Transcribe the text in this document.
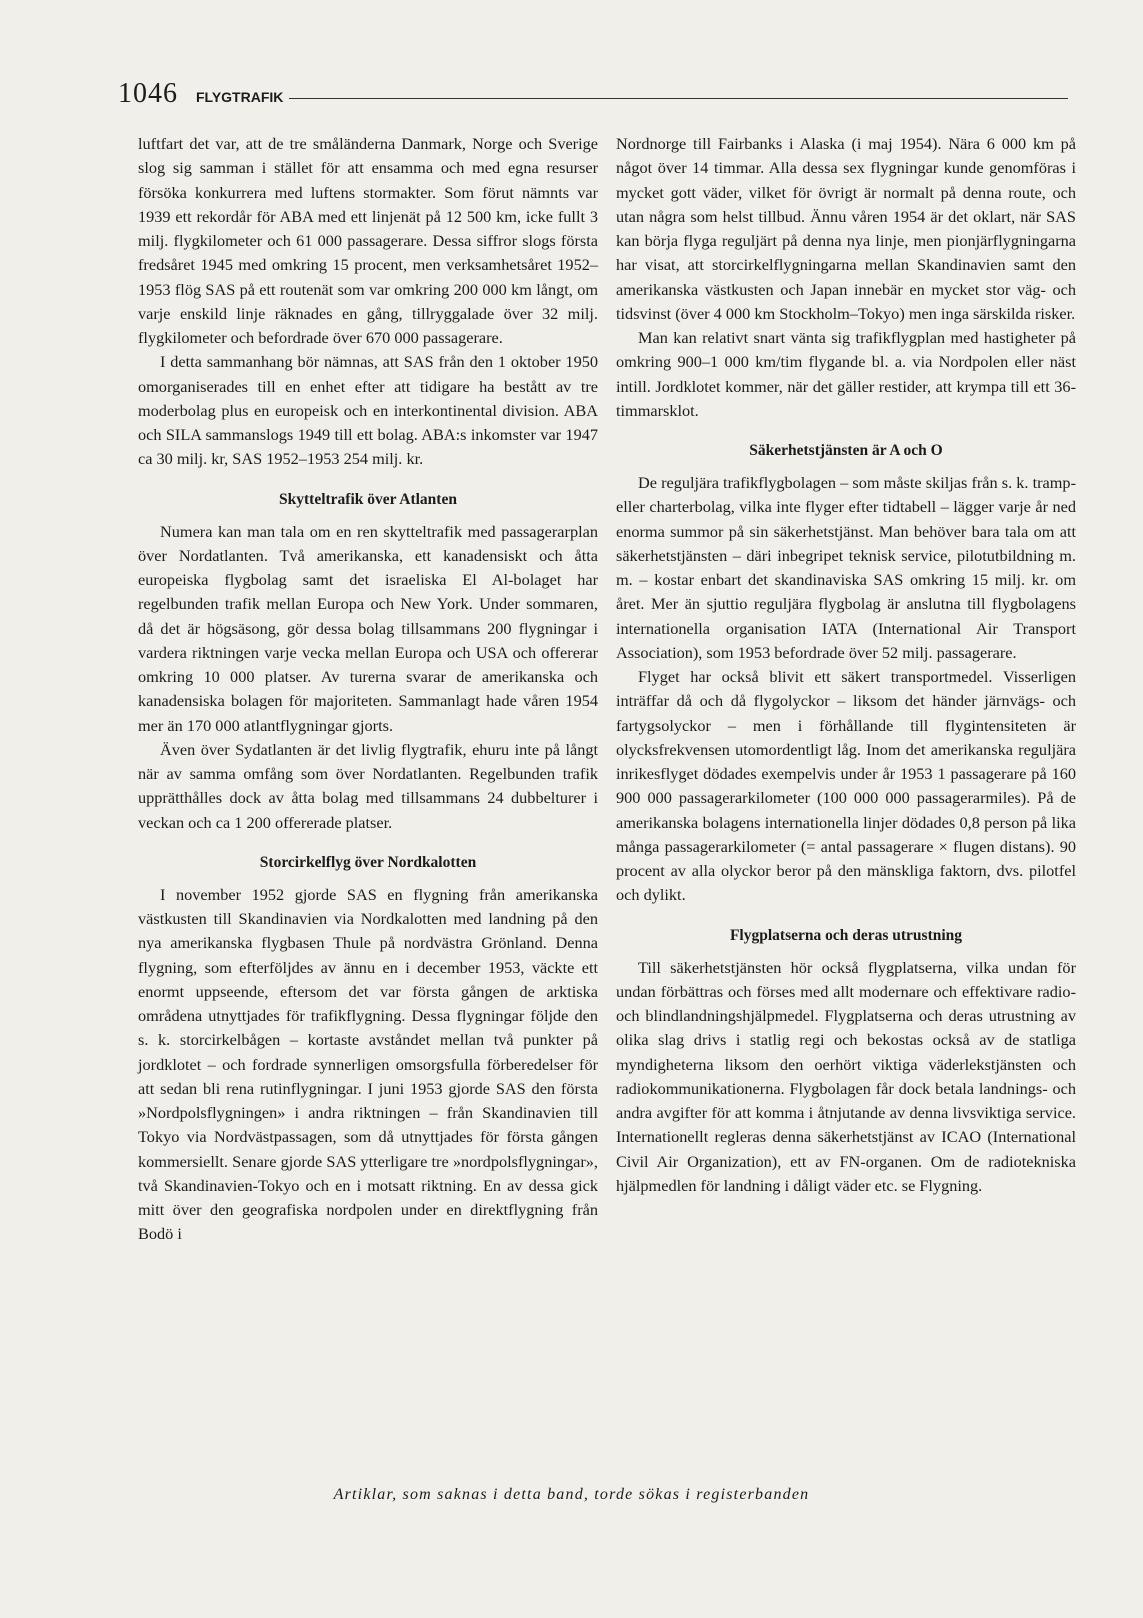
1046 FLYGTRAFIK

luftfart det var, att de tre småländerna Danmark, Norge och Sverige slog sig samman i stället för att ensamma och med egna resurser försöka konkurrera med luftens stormakter. Som förut nämnts var 1939 ett rekordår för ABA med ett linjenät på 12 500 km, icke fullt 3 milj. flygkilometer och 61 000 passagerare. Dessa siffror slogs första fredsåret 1945 med omkring 15 procent, men verksamhetsåret 1952–1953 flög SAS på ett routenät som var omkring 200 000 km långt, om varje enskild linje räknades en gång, tillryggalade över 32 milj. flygkilometer och befordrade över 670 000 passagerare.

I detta sammanhang bör nämnas, att SAS från den 1 oktober 1950 omorganiserades till en enhet efter att tidigare ha bestått av tre moderbolag plus en europeisk och en interkontinental division. ABA och SILA sammanslogs 1949 till ett bolag. ABA:s inkomster var 1947 ca 30 milj. kr, SAS 1952–1953 254 milj. kr.

Skytteltrafik över Atlanten

Numera kan man tala om en ren skytteltrafik med passagerarplan över Nordatlanten. Två amerikanska, ett kanadensiskt och åtta europeiska flygbolag samt det israeliska El Al-bolaget har regelbunden trafik mellan Europa och New York. Under sommaren, då det är högsäsong, gör dessa bolag tillsammans 200 flygningar i vardera riktningen varje vecka mellan Europa och USA och offererar omkring 10 000 platser. Av turerna svarar de amerikanska och kanadensiska bolagen för majoriteten. Sammanlagt hade våren 1954 mer än 170 000 atlantflygningar gjorts.

Även över Sydatlanten är det livlig flygtrafik, ehuru inte på långt när av samma omfång som över Nordatlanten. Regelbunden trafik upprätthålles dock av åtta bolag med tillsammans 24 dubbelturer i veckan och ca 1 200 offererade platser.

Storcirkelflyg över Nordkalotten

I november 1952 gjorde SAS en flygning från amerikanska västkusten till Skandinavien via Nordkalotten med landning på den nya amerikanska flygbasen Thule på nordvästra Grönland. Denna flygning, som efterföljdes av ännu en i december 1953, väckte ett enormt uppseende, eftersom det var första gången de arktiska områdena utnyttjades för trafikflygning. Dessa flygningar följde den s. k. storcirkelbågen – kortaste avståndet mellan två punkter på jordklotet – och fordrade synnerligen omsorgsfulla förberedelser för att sedan bli rena rutinflygningar. I juni 1953 gjorde SAS den första »Nordpolsflygningen» i andra riktningen – från Skandinavien till Tokyo via Nordvästpassagen, som då utnyttjades för första gången kommersiellt. Senare gjorde SAS ytterligare tre »nordpolsflygningar», två Skandinavien-Tokyo och en i motsatt riktning. En av dessa gick mitt över den geografiska nordpolen under en direktflygning från Bodö i

Nordnorge till Fairbanks i Alaska (i maj 1954). Nära 6 000 km på något över 14 timmar. Alla dessa sex flygningar kunde genomföras i mycket gott väder, vilket för övrigt är normalt på denna route, och utan några som helst tillbud. Ännu våren 1954 är det oklart, när SAS kan börja flyga reguljärt på denna nya linje, men pionjärflygningarna har visat, att storcirkelflygningarna mellan Skandinavien samt den amerikanska västkusten och Japan innebär en mycket stor väg- och tidsvinst (över 4 000 km Stockholm–Tokyo) men inga särskilda risker.

Man kan relativt snart vänta sig trafikflygplan med hastigheter på omkring 900–1 000 km/tim flygande bl. a. via Nordpolen eller näst intill. Jordklotet kommer, när det gäller restider, att krympa till ett 36-timmarsklot.

Säkerhetstjänsten är A och O

De reguljära trafikflygbolagen – som måste skiljas från s. k. tramp- eller charterbolag, vilka inte flyger efter tidtabell – lägger varje år ned enorma summor på sin säkerhetstjänst. Man behöver bara tala om att säkerhetstjänsten – däri inbegripet teknisk service, pilotutbildning m. m. – kostar enbart det skandinaviska SAS omkring 15 milj. kr. om året. Mer än sjuttio reguljära flygbolag är anslutna till flygbolagens internationella organisation IATA (International Air Transport Association), som 1953 befordrade över 52 milj. passagerare.

Flyget har också blivit ett säkert transportmedel. Visserligen inträffar då och då flygolyckor – liksom det händer järnvägs- och fartygsolyckor – men i förhållande till flygintensiteten är olycksfrekvensen utomordentligt låg. Inom det amerikanska reguljära inrikesflyget dödades exempelvis under år 1953 1 passagerare på 160 900 000 passagerarkilometer (100 000 000 passagerarmiles). På de amerikanska bolagens internationella linjer dödades 0,8 person på lika många passagerarkilometer (= antal passagerare × flugen distans). 90 procent av alla olyckor beror på den mänskliga faktorn, dvs. pilotfel och dylikt.

Flygplatserna och deras utrustning

Till säkerhetstjänsten hör också flygplatserna, vilka undan för undan förbättras och förses med allt modernare och effektivare radio- och blindlandningshjälpmedel. Flygplatserna och deras utrustning av olika slag drivs i statlig regi och bekostas också av de statliga myndigheterna liksom den oerhört viktiga väderlekstjänsten och radiokommunikationerna. Flygbolagen får dock betala landnings- och andra avgifter för att komma i åtnjutande av denna livsviktiga service. Internationellt regleras denna säkerhetstjänst av ICAO (International Civil Air Organization), ett av FN-organen. Om de radiotekniska hjälpmedlen för landning i dåligt väder etc. se Flygning.

Artiklar, som saknas i detta band, torde sökas i registerbanden
